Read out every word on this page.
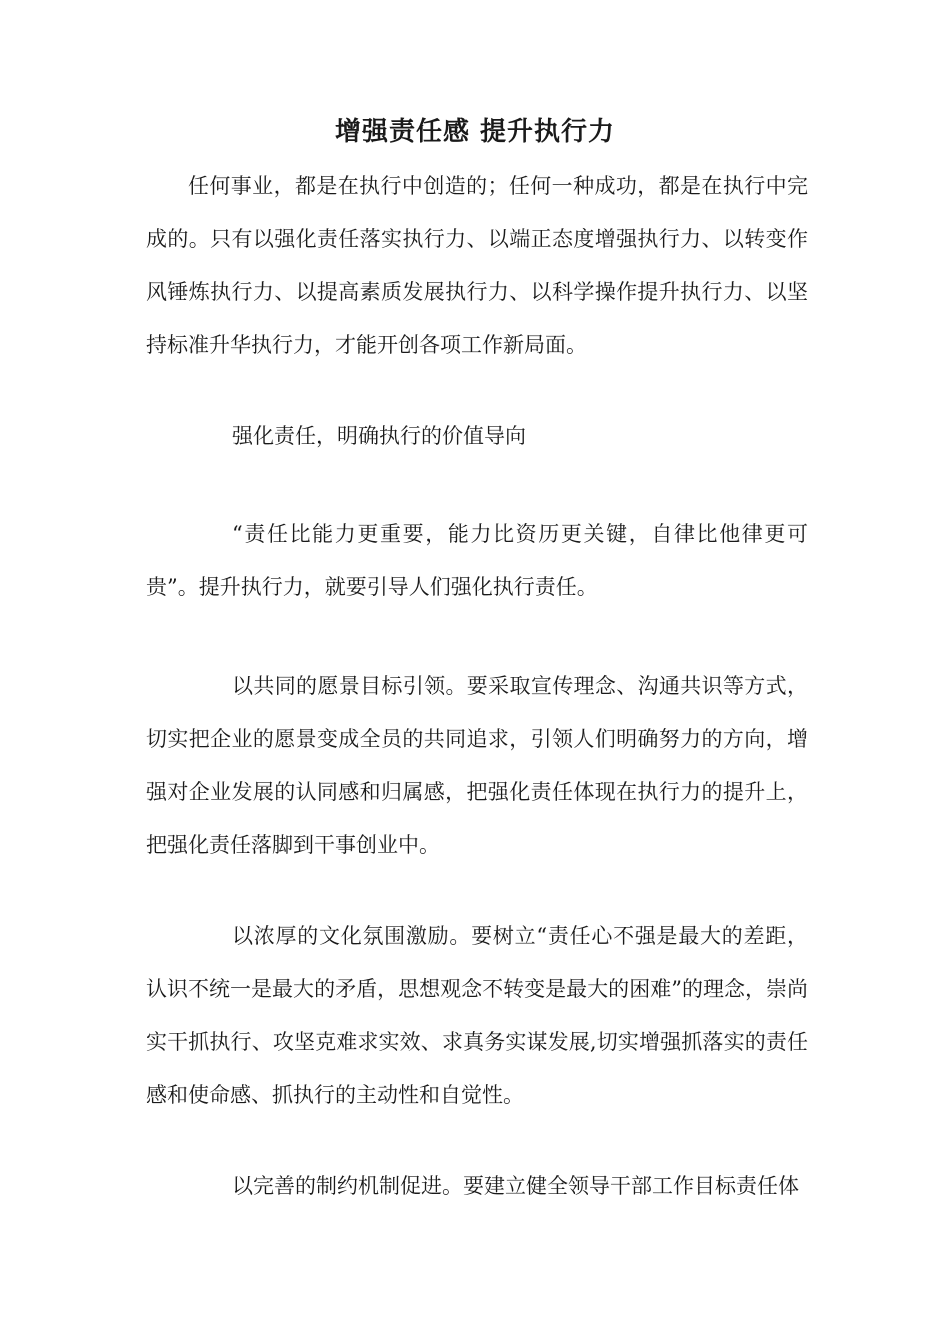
增强责任感 提升执行力

任何事业，都是在执行中创造的；任何一种成功，都是在执行中完成的。只有以强化责任落实执行力、以端正态度增强执行力、以转变作风锤炼执行力、以提高素质发展执行力、以科学操作提升执行力、以坚持标准升华执行力，才能开创各项工作新局面。

强化责任，明确执行的价值导向

“责任比能力更重要，能力比资历更关键，自律比他律更可贵”。提升执行力，就要引导人们强化执行责任。

以共同的愿景目标引领。要采取宣传理念、沟通共识等方式，切实把企业的愿景变成全员的共同追求，引领人们明确努力的方向，增强对企业发展的认同感和归属感，把强化责任体现在执行力的提升上，把强化责任落脚到干事创业中。

以浓厚的文化氛围激励。要树立“责任心不强是最大的差距，认识不统一是最大的矛盾，思想观念不转变是最大的困难”的理念，崇尚实干抓执行、攻坚克难求实效、求真务实谋发展,切实增强抓落实的责任感和使命感、抓执行的主动性和自觉性。

以完善的制约机制促进。要建立健全领导干部工作目标责任体
